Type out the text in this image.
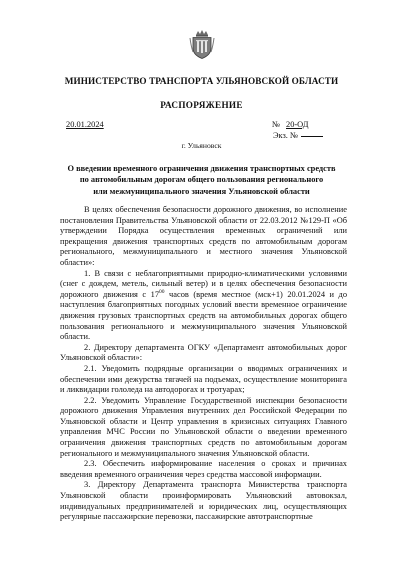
МИНИСТЕРСТВО ТРАНСПОРТА УЛЬЯНОВСКОЙ ОБЛАСТИ
РАСПОРЯЖЕНИЕ
20.01.2024	№ 20-ОД
Экз. №
г. Ульяновск
О введении временного ограничения движения транспортных средств
по автомобильным дорогам общего пользования регионального
или межмуниципального значения Ульяновской области

В целях обеспечения безопасности дорожного движения, во исполнение постановления Правительства Ульяновской области от 22.03.2012 №129-П «Об утверждении Порядка осуществления временных ограничений или прекращения движения транспортных средств по автомобильным дорогам регионального, межмуниципального и местного значения Ульяновской области»:

1. В связи с неблагоприятными природно-климатическими условиями (снег с дождем, метель, сильный ветер) и в целях обеспечения безопасности дорожного движения с $17^{00}$ часов (время местное (мск+1) 20.01.2024 и до наступления благоприятных погодных условий ввести временное ограничение движения грузовых транспортных средств на автомобильных дорогах общего пользования регионального и межмуниципального значения Ульяновской области.

2. Директору департамента ОГКУ «Департамент автомобильных дорог Ульяновской области»:

2.1. Уведомить подрядные организации о вводимых ограничениях и обеспечении ими дежурства тягачей на подъемах, осуществление мониторинга и ликвидации гололеда на автодорогах и тротуарах;

2.2. Уведомить Управление Государственной инспекции безопасности дорожного движения Управления внутренних дел Российской Федерации по Ульяновской области и Центр управления в кризисных ситуациях Главного управления МЧС России по Ульяновской области о введении временного ограничения движения транспортных средств по автомобильным дорогам регионального и межмуниципального значения Ульяновской области.

2.3. Обеспечить информирование населения о сроках и причинах введения временного ограничения через средства массовой информации.

3. Директору Департамента транспорта Министерства транспорта Ульяновской области проинформировать Ульяновский автовокзал, индивидуальных предпринимателей и юридических лиц, осуществляющих регулярные пассажирские перевозки, пассажирские автотранспортные
